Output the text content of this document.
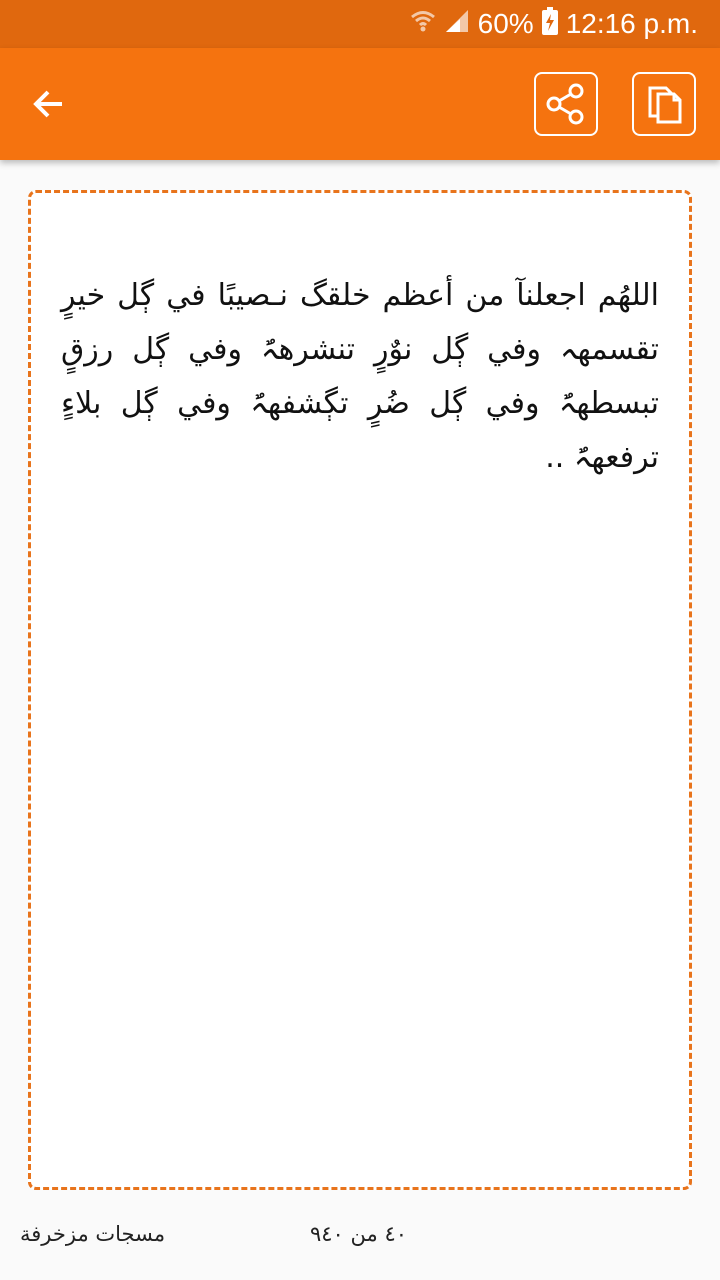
60% 12:16 p.m.
اللهُم اجعلنآ من أعظم خلقگ نـصيبًا في ڳل خيرٍ تقسمهہ وفي ڳل نوٌرٍ تنشرهہٌ وفي ڳل رزقٍ تبسطهہٌ وفي ڳل ضُرٍ تڳشفهہٌ وفي ڳل بلاءٍ ترفعهہٌ ..
مسجات مزخرفة	٤٠ من ٩٤٠
